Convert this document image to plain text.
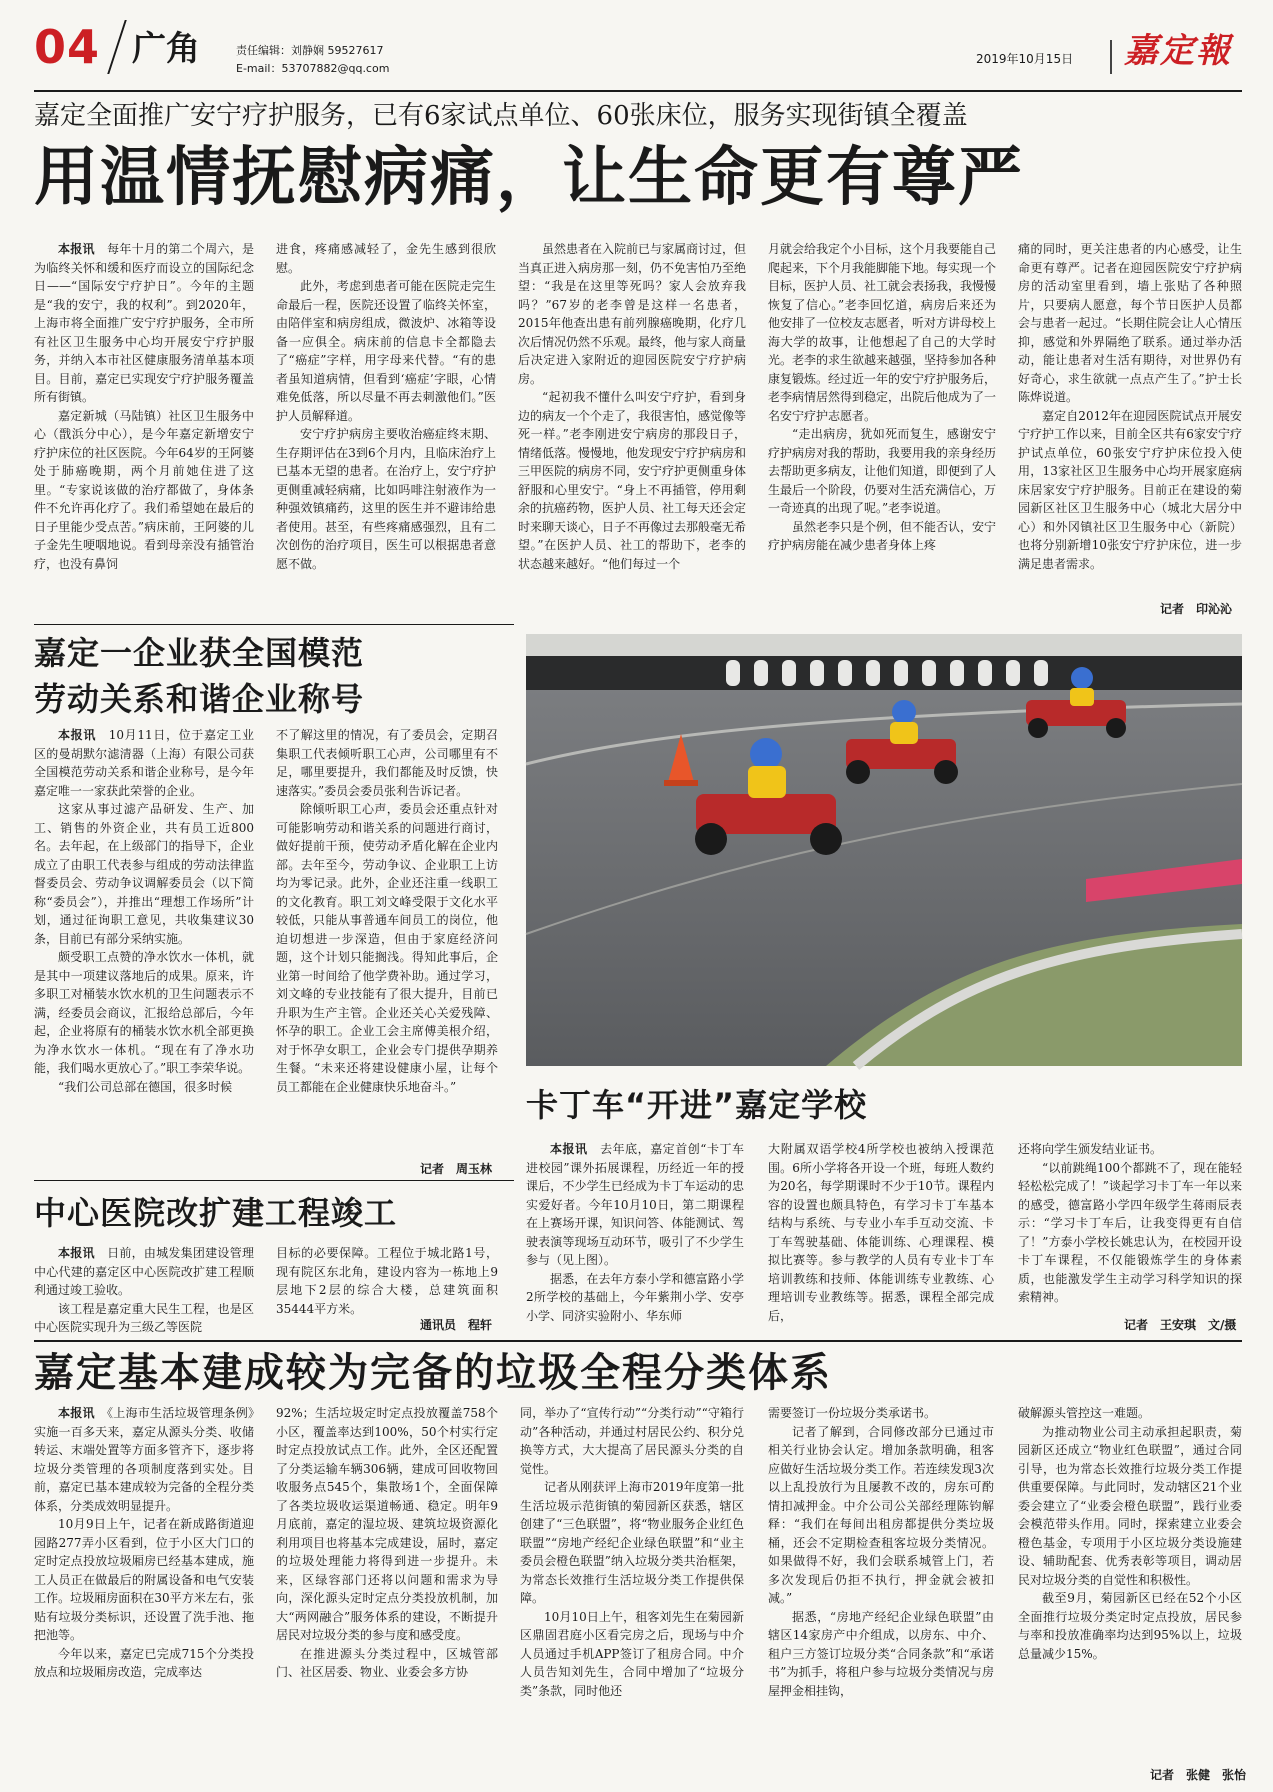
04 广角	责任编辑：刘静娴 59527617
E-mail：53707882@qq.com
2019年10月15日 嘉定報
嘉定全面推广安宁疗护服务，已有6家试点单位、60张床位，服务实现街镇全覆盖
用温情抚慰病痛，让生命更有尊严

本报讯　 每年十月的第二个周六，是为临终关怀和缓和医疗而设立的国际纪念日——“国际安宁疗护日”。今年的主题是“我的安宁，我的权利”。到2020年，上海市将全面推广安宁疗护服务，全市所有社区卫生服务中心均开展安宁疗护服务，并纳入本市社区健康服务清单基本项目。目前，嘉定已实现安宁疗护服务覆盖所有街镇。

嘉定新城（马陆镇）社区卫生服务中心（戬浜分中心），是今年嘉定新增安宁疗护床位的社区医院。今年64岁的王阿婆处于肺癌晚期，两个月前她住进了这里。“专家说该做的治疗都做了，身体条件不允许再化疗了。我们希望她在最后的日子里能少受点苦。”病床前，王阿婆的儿子金先生哽咽地说。看到母亲没有插管治疗，也没有鼻饲

进食，疼痛感减轻了，金先生感到很欣慰。

此外，考虑到患者可能在医院走完生命最后一程，医院还设置了临终关怀室，由陪伴室和病房组成，微波炉、冰箱等设备一应俱全。病床前的信息卡全都隐去了“癌症”字样，用字母来代替。“有的患者虽知道病情，但看到‘癌症’字眼，心情难免低落，所以尽量不再去刺激他们。”医护人员解释道。

安宁疗护病房主要收治癌症终末期、生存期评估在3到6个月内，且临床治疗上已基本无望的患者。在治疗上，安宁疗护更侧重减轻病痛，比如吗啡注射液作为一种强效镇痛药，这里的医生并不避讳给患者使用。甚至，有些疼痛感强烈，且有二次创伤的治疗项目，医生可以根据患者意愿不做。

虽然患者在入院前已与家属商讨过，但当真正进入病房那一刻，仍不免害怕乃至绝望：“我是在这里等死吗？家人会放弃我吗？”67岁的老李曾是这样一名患者，2015年他查出患有前列腺癌晚期，化疗几次后情况仍然不乐观。最终，他与家人商量后决定进入家附近的迎园医院安宁疗护病房。

“起初我不懂什么叫安宁疗护，看到身边的病友一个个走了，我很害怕，感觉像等死一样。”老李刚进安宁病房的那段日子，情绪低落。慢慢地，他发现安宁疗护病房和三甲医院的病房不同，安宁疗护更侧重身体舒服和心里安宁。“身上不再插管，停用剩余的抗癌药物，医护人员、社工每天还会定时来聊天谈心，日子不再像过去那般毫无希望。”在医护人员、社工的帮助下，老李的状态越来越好。“他们每过一个

月就会给我定个小目标，这个月我要能自己爬起来，下个月我能脚能下地。每实现一个目标，医护人员、社工就会表扬我，我慢慢恢复了信心。”老李回忆道，病房后来还为他安排了一位校友志愿者，听对方讲母校上海大学的故事，让他想起了自己的大学时光。老李的求生欲越来越强，坚持参加各种康复锻炼。经过近一年的安宁疗护服务后，老李病情居然得到稳定，出院后他成为了一名安宁疗护志愿者。

“走出病房，犹如死而复生，感谢安宁疗护病房对我的帮助，我要用我的亲身经历去帮助更多病友，让他们知道，即便到了人生最后一个阶段，仍要对生活充满信心，万一奇迹真的出现了呢。”老李说道。

虽然老李只是个例，但不能否认，安宁疗护病房能在减少患者身体上疼

痛的同时，更关注患者的内心感受，让生命更有尊严。记者在迎园医院安宁疗护病房的活动室里看到，墙上张贴了各种照片，只要病人愿意，每个节日医护人员都会与患者一起过。“长期住院会让人心情压抑，感觉和外界隔绝了联系。通过举办活动，能让患者对生活有期待，对世界仍有好奇心，求生欲就一点点产生了。”护士长陈烨说道。

嘉定自2012年在迎园医院试点开展安宁疗护工作以来，目前全区共有6家安宁疗护试点单位，60张安宁疗护床位投入使用，13家社区卫生服务中心均开展家庭病床居家安宁疗护服务。目前正在建设的菊园新区社区卫生服务中心（城北大居分中心）和外冈镇社区卫生服务中心（新院）也将分别新增10张安宁疗护床位，进一步满足患者需求。

记者　印沁沁
嘉定一企业获全国模范
劳动关系和谐企业称号

本报讯　 10月11日，位于嘉定工业区的曼胡默尔滤清器（上海）有限公司获全国模范劳动关系和谐企业称号，是今年嘉定唯一一家获此荣誉的企业。

这家从事过滤产品研发、生产、加工、销售的外资企业，共有员工近800名。去年起，在上级部门的指导下，企业成立了由职工代表参与组成的劳动法律监督委员会、劳动争议调解委员会（以下简称“委员会”），并推出“理想工作场所”计划，通过征询职工意见，共收集建议30条，目前已有部分采纳实施。

颇受职工点赞的净水饮水一体机，就是其中一项建议落地后的成果。原来，许多职工对桶装水饮水机的卫生问题表示不满，经委员会商议，汇报给总部后，今年起，企业将原有的桶装水饮水机全部更换为净水饮水一体机。“现在有了净水功能，我们喝水更放心了。”职工李荣华说。

“我们公司总部在德国，很多时候

不了解这里的情况，有了委员会，定期召集职工代表倾听职工心声，公司哪里有不足，哪里要提升，我们都能及时反馈，快速落实。”委员会委员张利告诉记者。

除倾听职工心声，委员会还重点针对可能影响劳动和谐关系的问题进行商讨，做好提前干预，使劳动矛盾化解在企业内部。去年至今，劳动争议、企业职工上访均为零记录。此外，企业还注重一线职工的文化教育。职工刘文峰受限于文化水平较低，只能从事普通车间员工的岗位，他迫切想进一步深造，但由于家庭经济问题，这个计划只能搁浅。得知此事后，企业第一时间给了他学费补助。通过学习，刘文峰的专业技能有了很大提升，目前已升职为生产主管。企业还关心关爱残障、怀孕的职工。企业工会主席傅美根介绍，对于怀孕女职工，企业会专门提供孕期养生餐。“未来还将建设健康小屋，让每个员工都能在企业健康快乐地奋斗。”

记者　周玉林
中心医院改扩建工程竣工

本报讯　 日前，由城发集团建设管理中心代建的嘉定区中心医院改扩建工程顺利通过竣工验收。

该工程是嘉定重大民生工程，也是区中心医院实现升为三级乙等医院

目标的必要保障。工程位于城北路1号，现有院区东北角，建设内容为一栋地上9层地下2层的综合大楼，总建筑面积35444平方米。

通讯员　程轩
卡丁车“开进”嘉定学校

本报讯　 去年底，嘉定首创“卡丁车进校园”课外拓展课程，历经近一年的授课后，不少学生已经成为卡丁车运动的忠实爱好者。今年10月10日，第二期课程在上赛场开课，知识问答、体能测试、驾驶表演等现场互动环节，吸引了不少学生参与（见上图）。

据悉，在去年方泰小学和德富路小学2所学校的基础上，今年紫荆小学、安亭小学、同济实验附小、华东师

大附属双语学校4所学校也被纳入授课范围。6所小学将各开设一个班，每班人数约为20名，每学期课时不少于10节。课程内容的设置也颇具特色，有学习卡丁车基本结构与系统、与专业小车手互动交流、卡丁车驾驶基础、体能训练、心理课程、模拟比赛等。参与教学的人员有专业卡丁车培训教练和技师、体能训练专业教练、心理培训专业教练等。据悉，课程全部完成后，

还将向学生颁发结业证书。

“以前跳绳100个都跳不了，现在能轻轻松松完成了！”谈起学习卡丁车一年以来的感受，德富路小学四年级学生蒋雨辰表示：“学习卡丁车后，让我变得更有自信了！”方泰小学校长姚忠认为，在校园开设卡丁车课程，不仅能锻炼学生的身体素质，也能激发学生主动学习科学知识的探索精神。

记者　王安琪　文/摄
嘉定基本建成较为完备的垃圾全程分类体系

本报讯　 《上海市生活垃圾管理条例》实施一百多天来，嘉定从源头分类、收储转运、末端处置等方面多管齐下，逐步将垃圾分类管理的各项制度落到实处。目前，嘉定已基本建成较为完备的全程分类体系，分类成效明显提升。

10月9日上午，记者在新成路街道迎园路277弄小区看到，位于小区大门口的定时定点投放垃圾厢房已经基本建成，施工人员正在做最后的附属设备和电气安装工作。垃圾厢房面积在30平方米左右，张贴有垃圾分类标识，还设置了洗手池、拖把池等。

今年以来，嘉定已完成715个分类投放点和垃圾厢房改造，完成率达

92%；生活垃圾定时定点投放覆盖758个小区，覆盖率达到100%，50个村实行定时定点投放试点工作。此外，全区还配置了分类运输车辆306辆，建成可回收物回收服务点545个，集散场1个，全面保障了各类垃圾收运渠道畅通、稳定。明年9月底前，嘉定的湿垃圾、建筑垃圾资源化利用项目也将基本完成建设，届时，嘉定的垃圾处理能力将得到进一步提升。未来，区绿容部门还将以问题和需求为导向，深化源头定时定点分类投放机制，加大“两网融合”服务体系的建设，不断提升居民对垃圾分类的参与度和感受度。

在推进源头分类过程中，区城管部门、社区居委、物业、业委会多方协

同，举办了“宣传行动”“分类行动”“守箱行动”各种活动，并通过村居民公约、积分兑换等方式，大大提高了居民源头分类的自觉性。

记者从刚获评上海市2019年度第一批生活垃圾示范街镇的菊园新区获悉，辖区创建了“三色联盟”，将“物业服务企业红色联盟”“房地产经纪企业绿色联盟”和“业主委员会橙色联盟”纳入垃圾分类共治框架，为常态长效推行生活垃圾分类工作提供保障。

10月10日上午，租客刘先生在菊园新区鼎固君庭小区看完房之后，现场与中介人员通过手机APP签订了租房合同。中介人员告知刘先生，合同中增加了“垃圾分类”条款，同时他还

需要签订一份垃圾分类承诺书。

记者了解到，合同修改部分已通过市相关行业协会认定。增加条款明确，租客应做好生活垃圾分类工作。若连续发现3次以上乱投放行为且屡教不改的，房东可酌情扣减押金。中介公司公关部经理陈钧解释：“我们在每间出租房都提供分类垃圾桶，还会不定期检查租客垃圾分类情况。如果做得不好，我们会联系城管上门，若多次发现后仍拒不执行，押金就会被扣减。”

据悉，“房地产经纪企业绿色联盟”由辖区14家房产中介组成，以房东、中介、租户三方签订垃圾分类“合同条款”和“承诺书”为抓手，将租户参与垃圾分类情况与房屋押金相挂钩，

破解源头管控这一难题。

为推动物业公司主动承担起职责，菊园新区还成立“物业红色联盟”，通过合同引导，也为常态长效推行垃圾分类工作提供重要保障。与此同时，发动辖区21个业委会建立了“业委会橙色联盟”，践行业委会模范带头作用。同时，探索建立业委会橙色基金，专项用于小区垃圾分类设施建设、辅助配套、优秀表彰等项目，调动居民对垃圾分类的自觉性和积极性。

截至9月，菊园新区已经在52个小区全面推行垃圾分类定时定点投放，居民参与率和投放准确率均达到95%以上，垃圾总量减少15%。

记者　张健　张怡
